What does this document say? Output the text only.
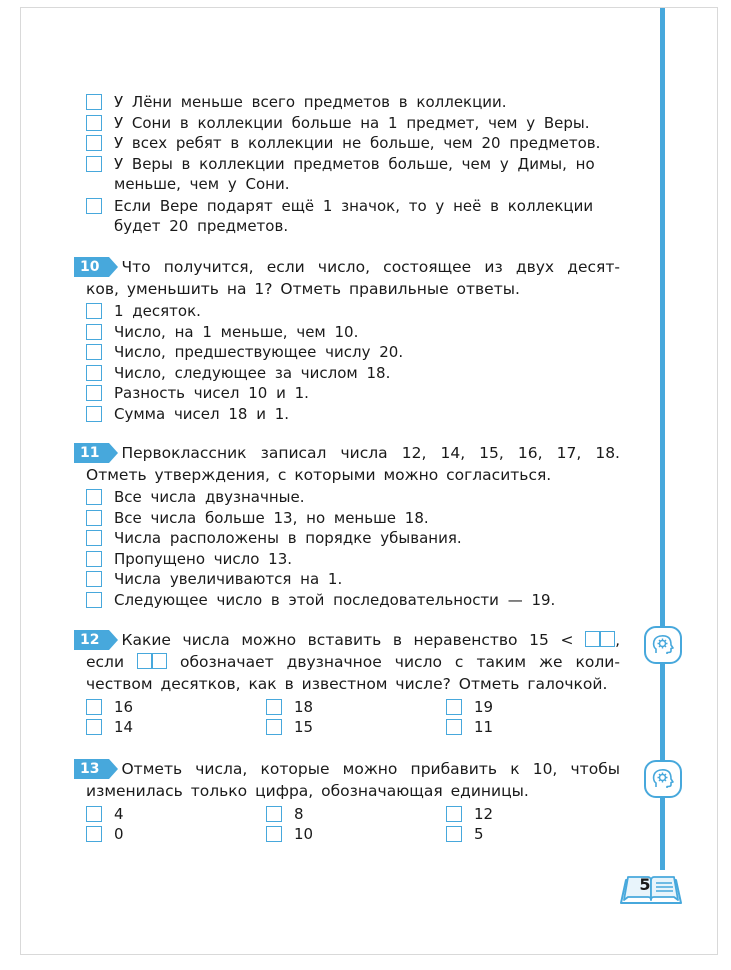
У Лёни меньше всего предметов в коллекции.
У Сони в коллекции больше на 1 предмет, чем у Веры.
У всех ребят в коллекции не больше, чем 20 предметов.
У Веры в коллекции предметов больше, чем у Димы, но
меньше, чем у Сони.
Если Вере подарят ещё 1 значок, то у неё в коллекции
будет 20 предметов.
10 Что получится, если число, состоящее из двух десят-
ков, уменьшить на 1? Отметь правильные ответы.
1 десяток.
Число, на 1 меньше, чем 10.
Число, предшествующее числу 20.
Число, следующее за числом 18.
Разность чисел 10 и 1.
Сумма чисел 18 и 1.
11 Первоклассник записал числа 12, 14, 15, 16, 17, 18.
Отметь утверждения, с которыми можно согласиться.
Все числа двузначные.
Все числа больше 13, но меньше 18.
Числа расположены в порядке убывания.
Пропущено число 13.
Числа увеличиваются на 1.
Следующее число в этой последовательности — 19.
12 Какие числа можно вставить в неравенство 15 <	,
если	обозначает двузначное число с таким же коли-
чеством десятков, как в известном числе? Отметь галочкой.
16	18	19
14	15	11
13 Отметь числа, которые можно прибавить к 10, чтобы
изменилась только цифра, обозначающая единицы.
4	8	12
0	10	5
5
